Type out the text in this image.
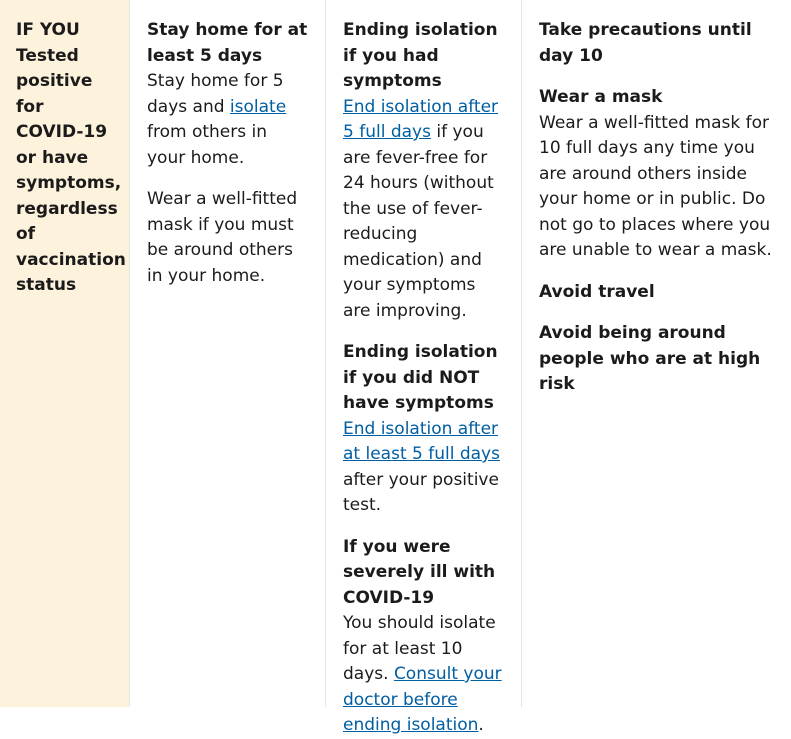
IF YOU
Tested positive for COVID-19 or have symptoms, regardless of vaccination status
Stay home for at least 5 days
Stay home for 5 days and isolate from others in your home.
Wear a well-fitted mask if you must be around others in your home.
Ending isolation if you had symptoms
End isolation after 5 full days if you are fever-free for 24 hours (without the use of fever-reducing medication) and your symptoms are improving.
Ending isolation if you did NOT have symptoms
End isolation after at least 5 full days after your positive test.
If you were severely ill with COVID-19
You should isolate for at least 10 days. Consult your doctor before ending isolation.
Take precautions until day 10
Wear a mask
Wear a well-fitted mask for 10 full days any time you are around others inside your home or in public. Do not go to places where you are unable to wear a mask.
Avoid travel
Avoid being around people who are at high risk
